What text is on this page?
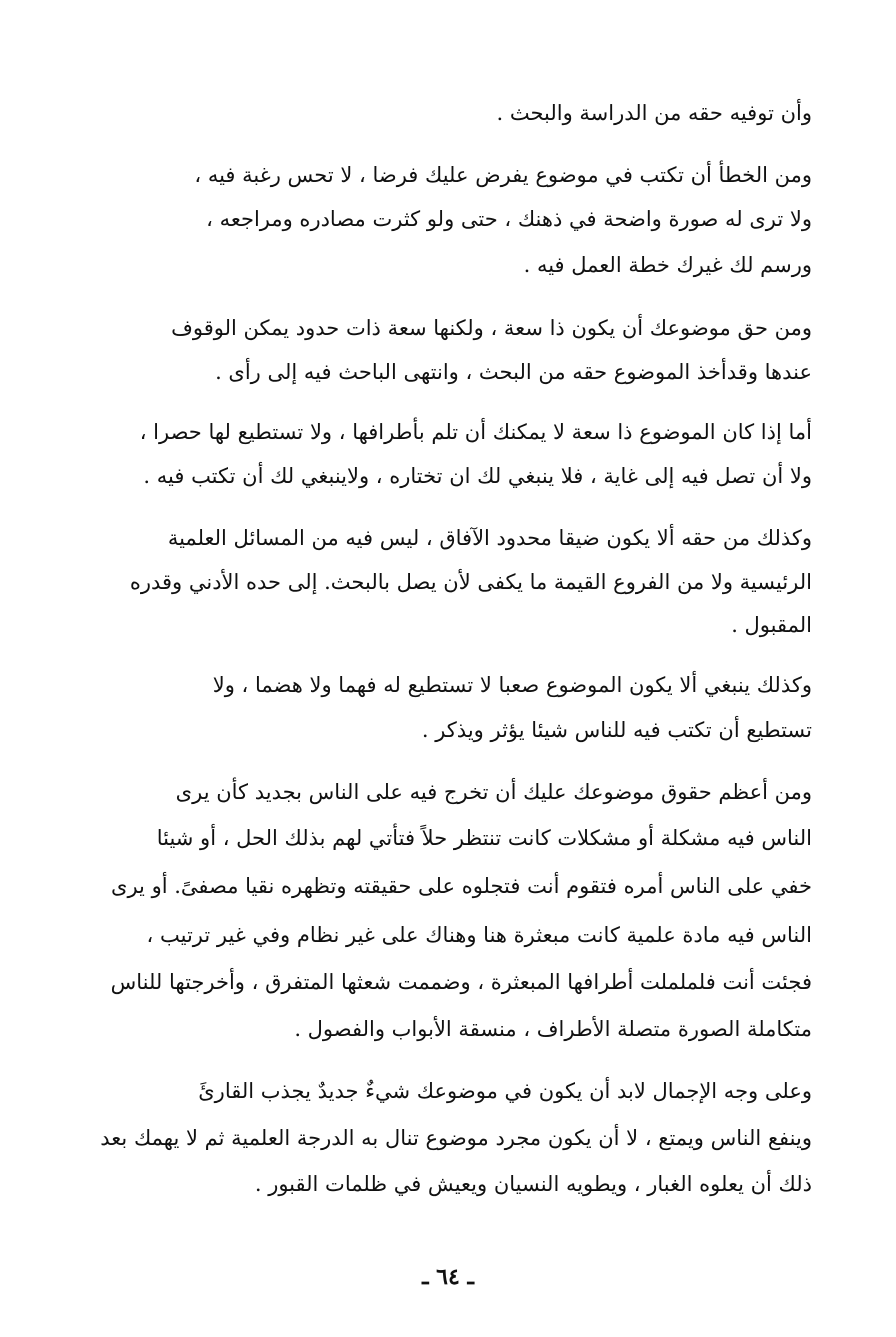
وأن توفيه حقه من الدراسة والبحث .
ومن الخطأ أن تكتب في موضوع يفرض عليك فرضا ، لا تحس رغبة فيه ،
ولا ترى له صورة واضحة في ذهنك ، حتى ولو كثرت مصادره ومراجعه ،
ورسم لك غيرك خطة العمل فيه .
ومن حق موضوعك أن يكون ذا سعة ، ولكنها سعة ذات حدود يمكن الوقوف
عندها وقدأخذ الموضوع حقه من البحث ، وانتهى الباحث فيه إلى رأى .
أما إذا كان الموضوع ذا سعة لا يمكنك أن تلم بأطرافها ، ولا تستطيع لها حصرا ،
ولا أن تصل فيه إلى غاية ، فلا ينبغي لك ان تختاره ، ولاينبغي لك أن تكتب فيه .
وكذلك من حقه ألا يكون ضيقا محدود الآفاق ، ليس فيه من المسائل العلمية
الرئيسية ولا من الفروع القيمة ما يكفى لأن يصل بالبحث. إلى حده الأدني وقدره
المقبول .
وكذلك ينبغي ألا يكون الموضوع صعبا لا تستطيع له فهما ولا هضما ، ولا
تستطيع أن تكتب فيه للناس شيئا يؤثر ويذكر .
ومن أعظم حقوق موضوعك عليك أن تخرج فيه على الناس بجديد كأن يرى
الناس فيه مشكلة أو مشكلات كانت تنتظر حلاً فتأتي لهم بذلك الحل ، أو شيئا
خفي على الناس أمره فتقوم أنت فتجلوه على حقيقته وتظهره نقيا مصفىً. أو يرى
الناس فيه مادة علمية كانت مبعثرة هنا وهناك على غير نظام وفي غير ترتيب ،
فجئت أنت فلململت أطرافها المبعثرة ، وضممت شعثها المتفرق ، وأخرجتها للناس
متكاملة الصورة متصلة الأطراف ، منسقة الأبواب والفصول .
وعلى وجه الإجمال لابد أن يكون في موضوعك شيءٌ جديدٌ يجذب القارئَ
وينفع الناس ويمتع ، لا أن يكون مجرد موضوع تنال به الدرجة العلمية ثم لا يهمك بعد
ذلك أن يعلوه الغبار ، ويطويه النسيان ويعيش في ظلمات القبور .
ـ ٦٤ ـ
